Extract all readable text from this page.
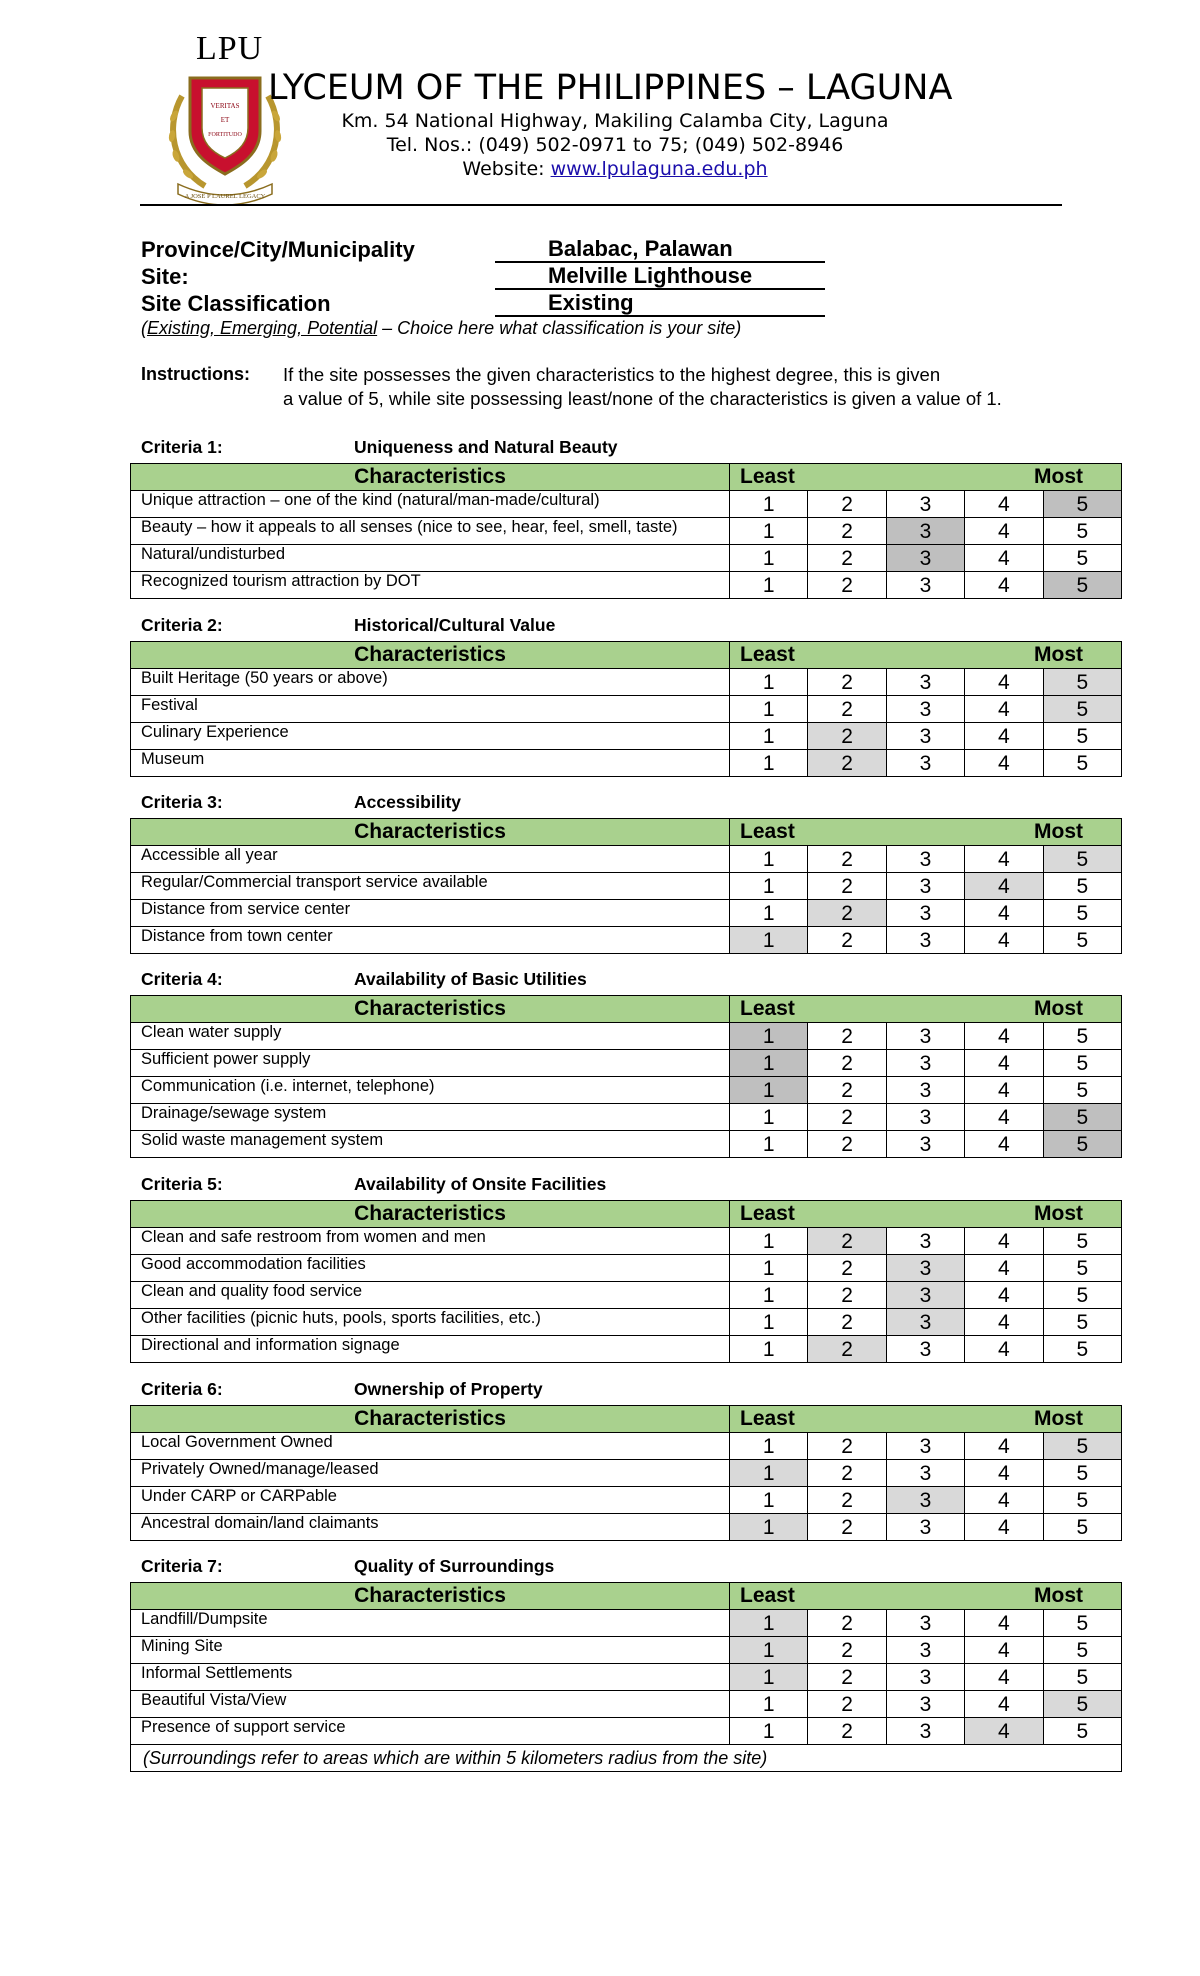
VERITAS
ET
FORTITUDO
A JOSE P LAUREL LEGACY
LPU
LYCEUM OF THE PHILIPPINES – LAGUNA
Km. 54 National Highway, Makiling Calamba City, Laguna
Tel. Nos.: (049) 502-0971 to 75; (049) 502-8946
Website: www.lpulaguna.edu.ph
Province/City/Municipality	Balabac, Palawan
Site:	Melville Lighthouse
Site Classification	Existing
(Existing, Emerging, Potential – Choice here what classification is your site)
Instructions: If the site possesses the given characteristics to the highest degree, this is given
a value of 5, while site possessing least/none of the characteristics is given a value of 1.
Criteria 1:	Uniqueness and Natural Beauty
Characteristics	Least Most				

Unique attraction – one of the kind (natural/man-made/cultural)	1	2	3	4	5
Beauty – how it appeals to all senses (nice to see, hear, feel, smell, taste)	1	2	3	4	5
Natural/undisturbed	1	2	3	4	5
Recognized tourism attraction by DOT	1	2	3	4	5
Criteria 2:	Historical/Cultural Value
Characteristics	Least Most				

Built Heritage (50 years or above)	1	2	3	4	5
Festival	1	2	3	4	5
Culinary Experience	1	2	3	4	5
Museum	1	2	3	4	5
Criteria 3:	Accessibility
Characteristics	Least Most				

Accessible all year	1	2	3	4	5
Regular/Commercial transport service available	1	2	3	4	5
Distance from service center	1	2	3	4	5
Distance from town center	1	2	3	4	5
Criteria 4:	Availability of Basic Utilities
Characteristics	Least Most				

Clean water supply	1	2	3	4	5
Sufficient power supply	1	2	3	4	5
Communication (i.e. internet, telephone)	1	2	3	4	5
Drainage/sewage system	1	2	3	4	5
Solid waste management system	1	2	3	4	5
Criteria 5:	Availability of Onsite Facilities
Characteristics	Least Most				

Clean and safe restroom from women and men	1	2	3	4	5
Good accommodation facilities	1	2	3	4	5
Clean and quality food service	1	2	3	4	5
Other facilities (picnic huts, pools, sports facilities, etc.)	1	2	3	4	5
Directional and information signage	1	2	3	4	5
Criteria 6:	Ownership of Property
Characteristics	Least Most				

Local Government Owned	1	2	3	4	5
Privately Owned/manage/leased	1	2	3	4	5
Under CARP or CARPable	1	2	3	4	5
Ancestral domain/land claimants	1	2	3	4	5
Criteria 7:	Quality of Surroundings
Characteristics	Least Most				

Landfill/Dumpsite	1	2	3	4	5
Mining Site	1	2	3	4	5
Informal Settlements	1	2	3	4	5
Beautiful Vista/View	1	2	3	4	5
Presence of support service	1	2	3	4	5
(Surroundings refer to areas which are within 5 kilometers radius from the site)					
